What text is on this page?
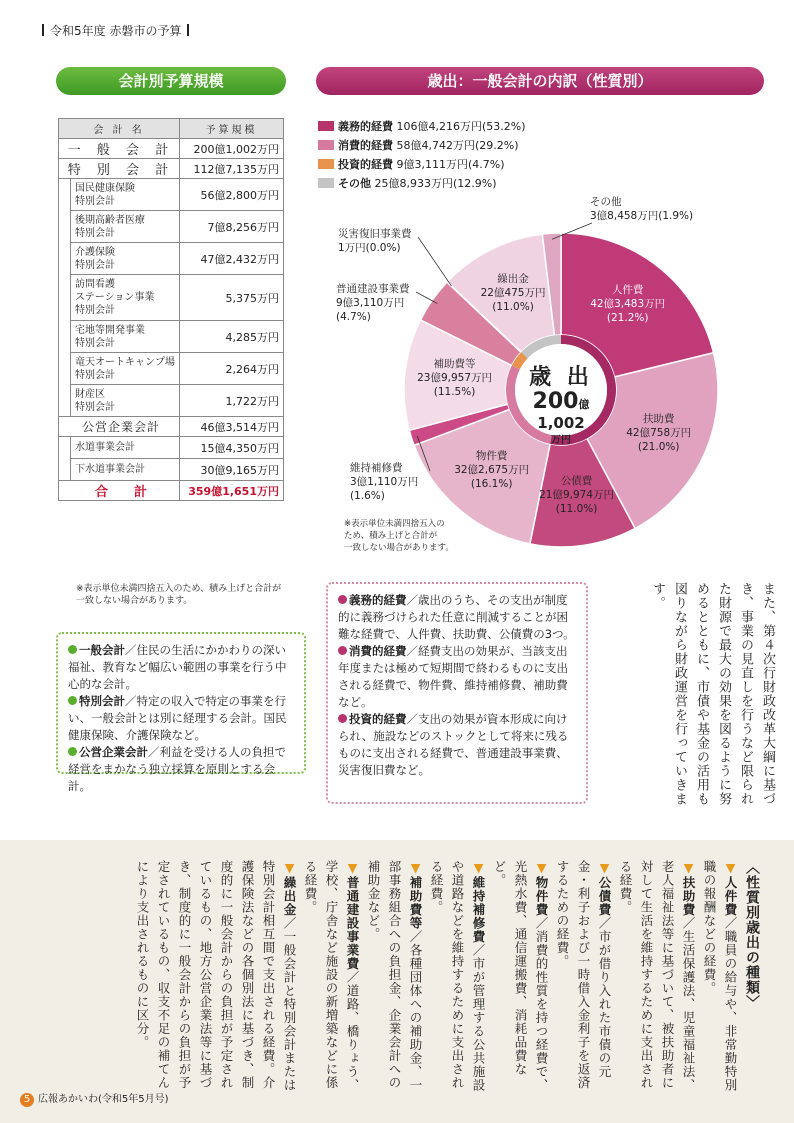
令和5年度 赤磐市の予算
会計別予算規模
会 計 名		予算規模
一 般 会 計		200億1,002万円
特 別 会 計		112億7,135万円
	国民健康保険
特別会計	56億2,800万円
	後期高齢者医療
特別会計	7億8,256万円
	介護保険
特別会計	47億2,432万円
	訪問看護
ステーション事業
特別会計	5,375万円
	宅地等開発事業
特別会計	4,285万円
	竜天オートキャンプ場
特別会計	2,264万円
	財産区
特別会計	1,722万円
公営企業会計		46億3,514万円
	水道事業会計	15億4,350万円
	下水道事業会計	30億9,165万円
合　　計		359億1,651万円
※表示単位未満四捨五入のため、積み上げと合計が一致しない場合があります。
一般会計／住民の生活にかかわりの深い福祉、教育など幅広い範囲の事業を行う中心的な会計。
特別会計／特定の収入で特定の事業を行い、一般会計とは別に経理する会計。国民健康保険、介護保険など。
公営企業会計／利益を受ける人の負担で経営をまかなう独立採算を原則とする会計。
歳出：一般会計の内訳（性質別）
義務的経費 106億4,216万円(53.2%)
消費的経費 58億4,742万円(29.2%)
投資的経費 9億3,111万円(4.7%)
その他 25億8,933万円(12.9%)
人件費
42億3,483万円
(21.2%)
扶助費
42億758万円
(21.0%)
公債費
21億9,974万円
(11.0%)
物件費
32億2,675万円
(16.1%)
維持補修費
3億1,110万円
(1.6%)
補助費等
23億9,957万円
(11.5%)
普通建設事業費
9億3,110万円
(4.7%)
災害復旧事業費
1万円(0.0%)
繰出金
22億475万円
(11.0%)
その他
3億8,458万円(1.9%)
歳 出
200億
1,002
万円
※表示単位未満四捨五入の
ため、積み上げと合計が
一致しない場合があります。
義務的経費／歳出のうち、その支出が制度的に義務づけられた任意に削減することが困難な経費で、人件費、扶助費、公債費の3つ。
消費的経費／経費支出の効果が、当該支出年度または極めて短期間で終わるものに支出される経費で、物件費、維持補修費、補助費など。
投資的経費／支出の効果が資本形成に向けられ、施設などのストックとして将来に残るものに支出される経費で、普通建設事業費、災害復旧費など。	また、第４次行財政改革大綱に基づき、事業の見直しを行うなど限られた財源で最大の効果を図るように努めるとともに、市債や基金の活用も図りながら財政運営を行っていきます。
〈性質別歳出の種類〉
▼人件費／職員の給与や、非常勤特別職の報酬などの経費。
▼扶助費／生活保護法、児童福祉法、老人福祉法等に基づいて、被扶助者に対して生活を維持するために支出される経費。
▼公債費／市が借り入れた市債の元金・利子および一時借入金利子を返済するための経費。
▼物件費／消費的性質を持つ経費で、光熱水費、通信運搬費、消耗品費など。
▼維持補修費／市が管理する公共施設や道路などを維持するために支出される経費。
▼補助費等／各種団体への補助金、一部事務組合への負担金、企業会計への補助金など。
▼普通建設事業費／道路、橋りょう、学校、庁舎など施設の新増築などに係る経費。
▼繰出金／一般会計と特別会計または特別会計相互間で支出される経費。介護保険法などの各個別法に基づき、制度的に一般会計からの負担が予定されているもの、地方公営企業法等に基づき、制度的に一般会計からの負担が予定されているもの、収支不足の補てんにより支出されるものに区分。
5 広報あかいわ(令和5年5月号)
